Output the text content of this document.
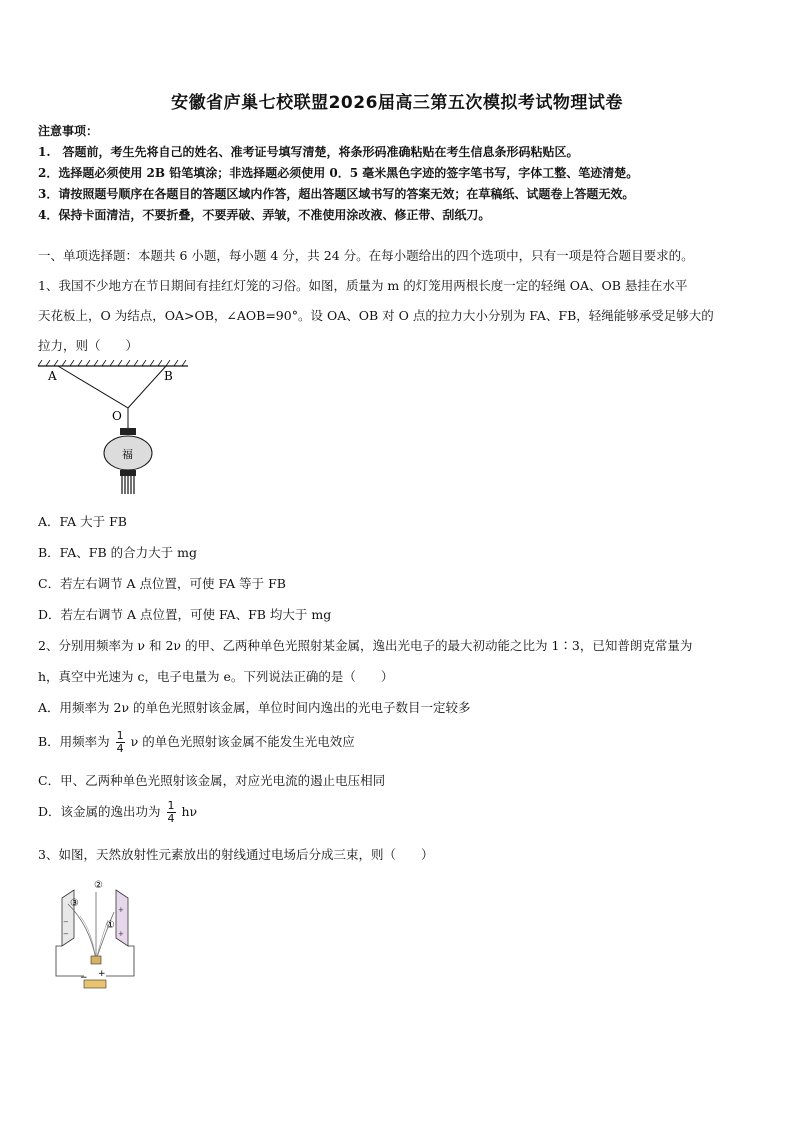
安徽省庐巢七校联盟2026届高三第五次模拟考试物理试卷
注意事项：
1.　答题前，考生先将自己的姓名、准考证号填写清楚，将条形码准确粘贴在考生信息条形码粘贴区。
2．选择题必须使用 2B 铅笔填涂；非选择题必须使用 0．5 毫米黑色字迹的签字笔书写，字体工整、笔迹清楚。
3．请按照题号顺序在各题目的答题区域内作答，超出答题区域书写的答案无效；在草稿纸、试题卷上答题无效。
4．保持卡面清洁，不要折叠，不要弄破、弄皱，不准使用涂改液、修正带、刮纸刀。
一、单项选择题：本题共 6 小题，每小题 4 分，共 24 分。在每小题给出的四个选项中，只有一项是符合题目要求的。
1、我国不少地方在节日期间有挂红灯笼的习俗。如图，质量为 m 的灯笼用两根长度一定的轻绳 OA、OB 悬挂在水平
天花板上，O 为结点，OA>OB，∠AOB=90°。设 OA、OB 对 O 点的拉力大小分别为 FA、FB，轻绳能够承受足够大的
拉力，则（　　）
A	B
O
福
A．FA 大于 FB
B．FA、FB 的合力大于 mg
C．若左右调节 A 点位置，可使 FA 等于 FB
D．若左右调节 A 点位置，可使 FA、FB 均大于 mg
2、分别用频率为 ν 和 2ν 的甲、乙两种单色光照射某金属，逸出光电子的最大初动能之比为 1∶3，已知普朗克常量为
h，真空中光速为 c，电子电量为 e。下列说法正确的是（　　）
A．用频率为 2ν 的单色光照射该金属，单位时间内逸出的光电子数目一定较多
B．用频率为 $\frac{1}{4}$ ν 的单色光照射该金属不能发生光电效应
C．甲、乙两种单色光照射该金属，对应光电流的遏止电压相同
D．该金属的逸出功为 $\frac{1}{4}$ hν
3、如图，天然放射性元素放出的射线通过电场后分成三束，则（　　）
−
−
+
+
③
②
①
− +
